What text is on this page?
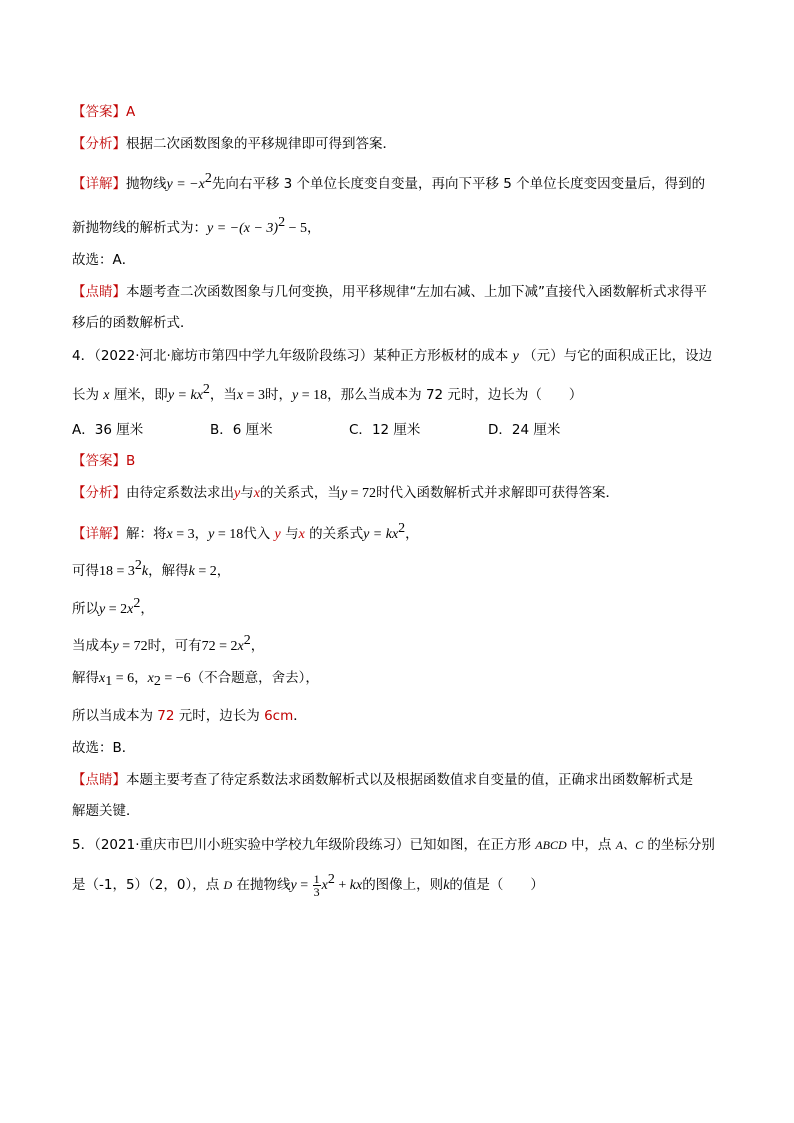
【答案】A
【分析】根据二次函数图象的平移规律即可得到答案．
【详解】抛物线$y = -x^2$先向右平移 3 个单位长度变自变量，再向下平移 5 个单位长度变因变量后，得到的
新抛物线的解析式为：$y = -(x - 3)^2 - 5$，
故选：A．
【点睛】本题考查二次函数图象与几何变换，用平移规律“左加右减、上加下减”直接代入函数解析式求得平
移后的函数解析式．
4．（2022·河北·廊坊市第四中学九年级阶段练习）某种正方形板材的成本 y （元）与它的面积成正比，设边
长为 x 厘米，即$y = kx^2$，当x = 3时，y = 18，那么当成本为 72 元时，边长为（　　）
A．36 厘米	B．6 厘米	C．12 厘米	D．24 厘米
【答案】B
【分析】由待定系数法求出y与x的关系式，当y = 72时代入函数解析式并求解即可获得答案．
【详解】解：将x = 3，y = 18代入 y 与x 的关系式$y = kx^2$，
可得$18 = 3^2k$，解得k = 2，
所以$y = 2x^2$，
当成本y = 72时，可有$72 = 2x^2$，
解得$x_1 = 6$，$x_2 = -6$（不合题意，舍去），
所以当成本为 72 元时，边长为 6cm．
故选：B．
【点睛】本题主要考查了待定系数法求函数解析式以及根据函数值求自变量的值，正确求出函数解析式是
解题关键．
5．（2021·重庆市巴川小班实验中学校九年级阶段练习）已知如图，在正方形 ABCD 中，点 A、C 的坐标分别
是（-1，5）（2，0），点 D 在抛物线$y = \frac{1}{3} x^2$ + kx的图像上，则k的值是（　　）
